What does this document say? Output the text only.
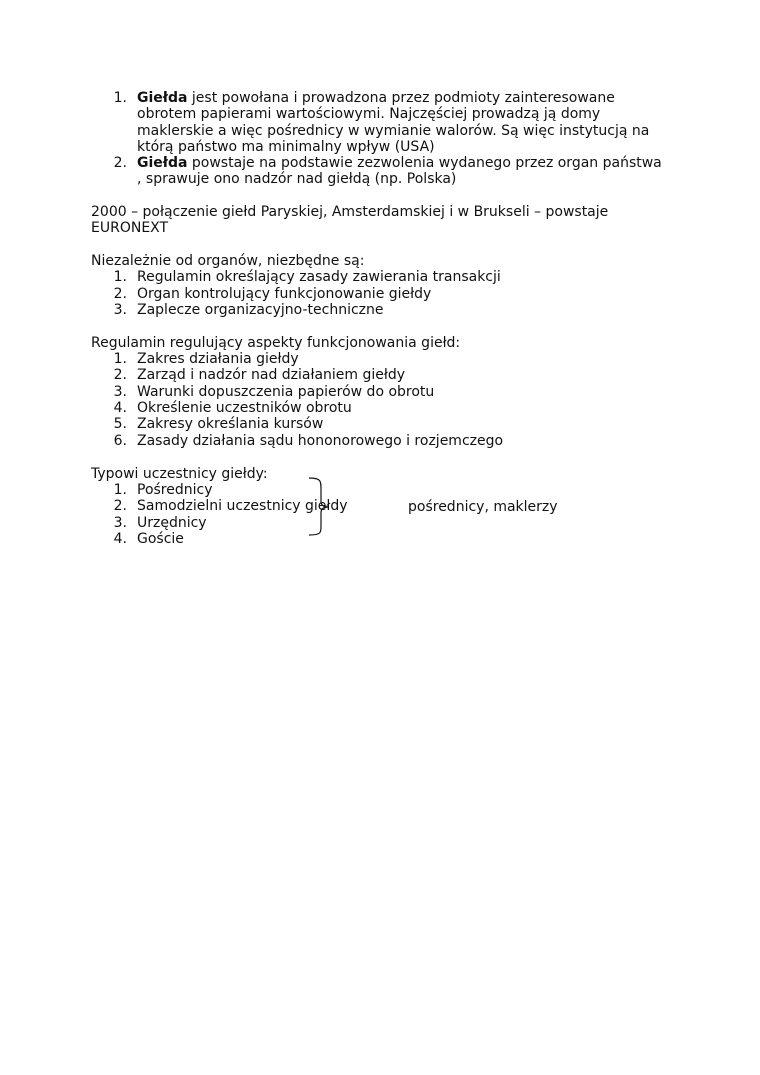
1. Giełda jest powołana i prowadzona przez podmioty zainteresowane obrotem papierami wartościowymi. Najczęściej prowadzą ją domy maklerskie a więc pośrednicy w wymianie walorów. Są więc instytucją na którą państwo ma minimalny wpływ (USA)
2. Giełda powstaje na podstawie zezwolenia wydanego przez organ państwa , sprawuje ono nadzór nad giełdą (np. Polska)

2000 – połączenie giełd Paryskiej, Amsterdamskiej i w Brukseli – powstaje EURONEXT

Niezależnie od organów, niezbędne są:

1. Regulamin określający zasady zawierania transakcji
2. Organ kontrolujący funkcjonowanie giełdy
3. Zaplecze organizacyjno-techniczne

Regulamin regulujący aspekty funkcjonowania giełd:

1. Zakres działania giełdy
2. Zarząd i nadzór nad działaniem giełdy
3. Warunki dopuszczenia papierów do obrotu
4. Określenie uczestników obrotu
5. Zakresy określania kursów
6. Zasady działania sądu hononorowego i rozjemczego

Typowi uczestnicy giełdy:

1. Pośrednicy
2. Samodzielni uczestnicy giełdy
3. Urzędnicy
4. Goście
pośrednicy, maklerzy
